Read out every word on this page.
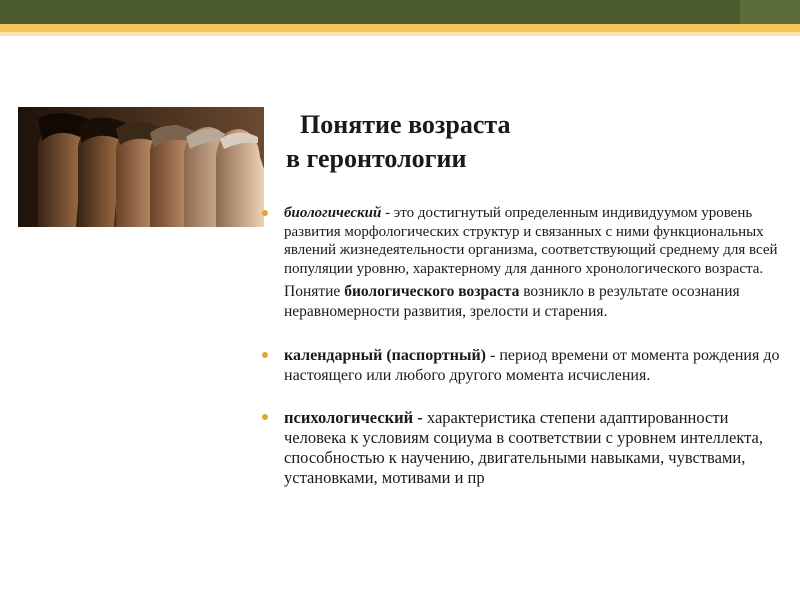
Понятие возраста
в геронтологии
биологический - это достигнутый определенным индивидуумом уровень развития морфологических структур и связанных с ними функциональных явлений жизнедеятельности организма, соответствующий среднему для всей популяции уровню, характерному для данного хронологического возраста.
Понятие биологического возраста возникло в результате осознания неравномерности развития, зрелости и старения.
календарный (паспортный) - период времени от момента рождения до настоящего или любого другого момента исчисления.
психологический - характеристика степени адаптированности человека к условиям социума в соответствии с уровнем интеллекта, способностью к научению, двигательными навыками, чувствами, установками, мотивами и пр
